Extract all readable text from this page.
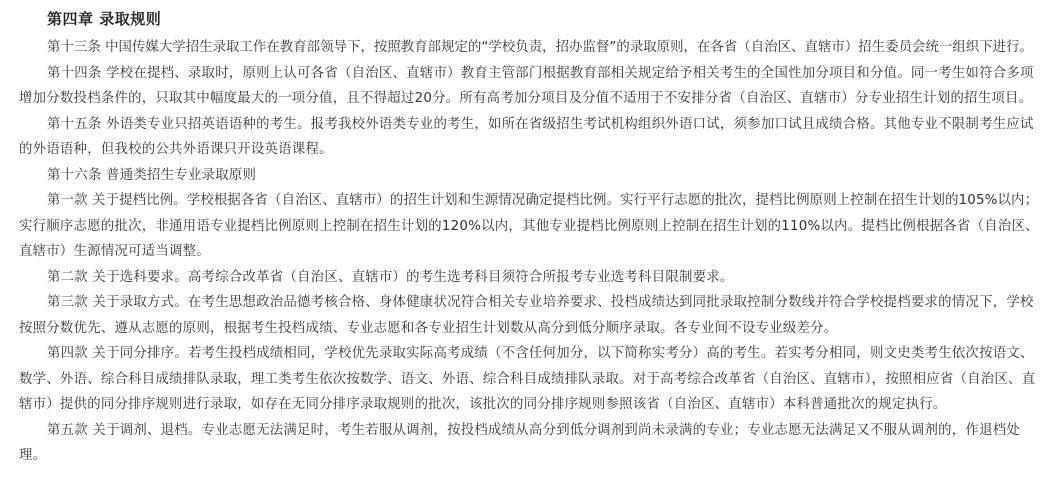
第四章 录取规则

第十三条 中国传媒大学招生录取工作在教育部领导下，按照教育部规定的“学校负责，招办监督”的录取原则，在各省（自治区、直辖市）招生委员会统一组织下进行。

第十四条 学校在提档、录取时，原则上认可各省（自治区、直辖市）教育主管部门根据教育部相关规定给予相关考生的全国性加分项目和分值。同一考生如符合多项
增加分数投档条件的，只取其中幅度最大的一项分值，且不得超过20分。所有高考加分项目及分值不适用于不安排分省（自治区、直辖市）分专业招生计划的招生项目。

第十五条 外语类专业只招英语语种的考生。报考我校外语类专业的考生，如所在省级招生考试机构组织外语口试，须参加口试且成绩合格。其他专业不限制考生应试
的外语语种，但我校的公共外语课只开设英语课程。

第十六条 普通类招生专业录取原则

第一款 关于提档比例。学校根据各省（自治区、直辖市）的招生计划和生源情况确定提档比例。实行平行志愿的批次，提档比例原则上控制在招生计划的105%以内；
实行顺序志愿的批次，非通用语专业提档比例原则上控制在招生计划的120%以内，其他专业提档比例原则上控制在招生计划的110%以内。提档比例根据各省（自治区、
直辖市）生源情况可适当调整。

第二款 关于选科要求。高考综合改革省（自治区、直辖市）的考生选考科目须符合所报考专业选考科目限制要求。

第三款 关于录取方式。在考生思想政治品德考核合格、身体健康状况符合相关专业培养要求、投档成绩达到同批录取控制分数线并符合学校提档要求的情况下，学校
按照分数优先、遵从志愿的原则，根据考生投档成绩、专业志愿和各专业招生计划数从高分到低分顺序录取。各专业间不设专业级差分。

第四款 关于同分排序。若考生投档成绩相同，学校优先录取实际高考成绩（不含任何加分，以下简称实考分）高的考生。若实考分相同，则文史类考生依次按语文、
数学、外语、综合科目成绩排队录取，理工类考生依次按数学、语文、外语、综合科目成绩排队录取。对于高考综合改革省（自治区、直辖市），按照相应省（自治区、直
辖市）提供的同分排序规则进行录取，如存在无同分排序录取规则的批次，该批次的同分排序规则参照该省（自治区、直辖市）本科普通批次的规定执行。

第五款 关于调剂、退档。专业志愿无法满足时，考生若服从调剂，按投档成绩从高分到低分调剂到尚未录满的专业；专业志愿无法满足又不服从调剂的，作退档处
理。
